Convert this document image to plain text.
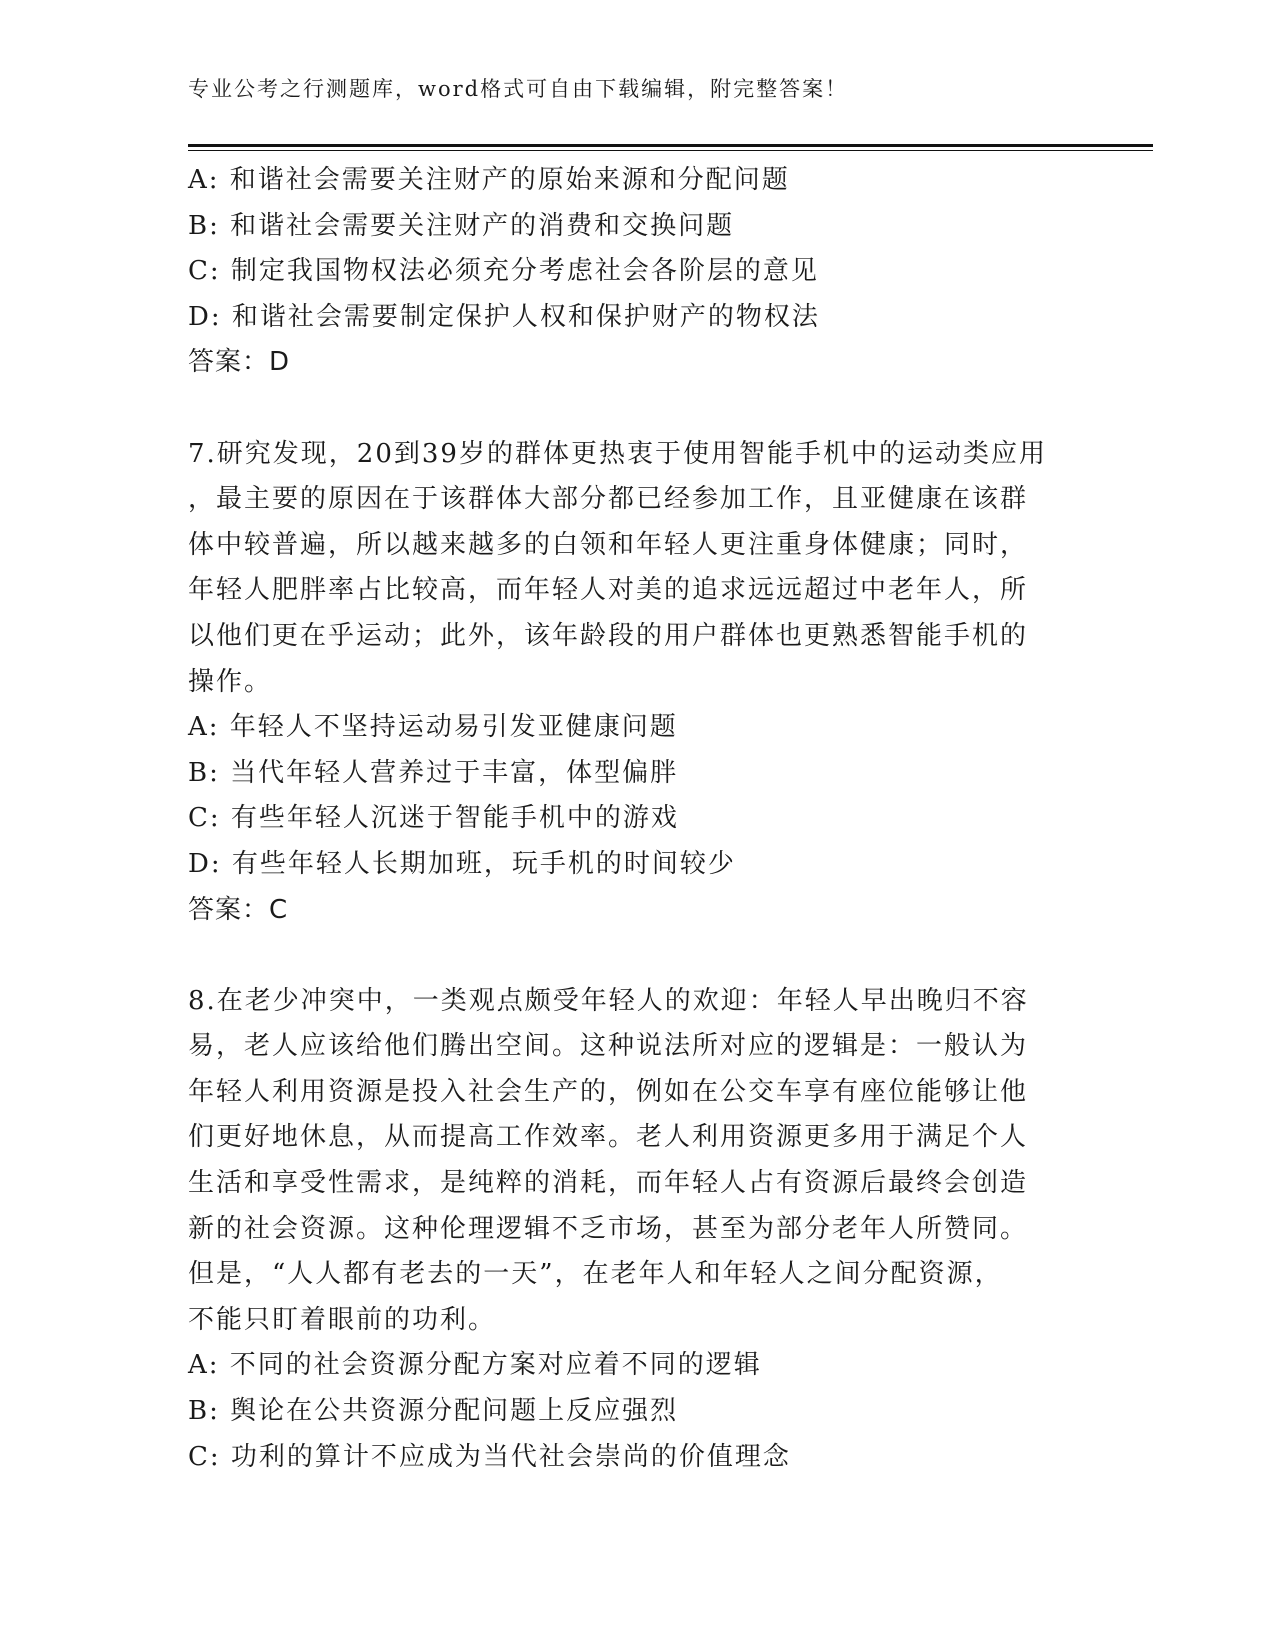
专业公考之行测题库，word格式可自由下载编辑，附完整答案！
A: 和谐社会需要关注财产的原始来源和分配问题
B: 和谐社会需要关注财产的消费和交换问题
C: 制定我国物权法必须充分考虑社会各阶层的意见
D: 和谐社会需要制定保护人权和保护财产的物权法
答案：D
7.研究发现，20到39岁的群体更热衷于使用智能手机中的运动类应用
，最主要的原因在于该群体大部分都已经参加工作，且亚健康在该群
体中较普遍，所以越来越多的白领和年轻人更注重身体健康；同时，
年轻人肥胖率占比较高，而年轻人对美的追求远远超过中老年人，所
以他们更在乎运动；此外，该年龄段的用户群体也更熟悉智能手机的
操作。
A: 年轻人不坚持运动易引发亚健康问题
B: 当代年轻人营养过于丰富，体型偏胖
C: 有些年轻人沉迷于智能手机中的游戏
D: 有些年轻人长期加班，玩手机的时间较少
答案：C
8.在老少冲突中，一类观点颇受年轻人的欢迎：年轻人早出晚归不容
易，老人应该给他们腾出空间。这种说法所对应的逻辑是：一般认为
年轻人利用资源是投入社会生产的，例如在公交车享有座位能够让他
们更好地休息，从而提高工作效率。老人利用资源更多用于满足个人
生活和享受性需求，是纯粹的消耗，而年轻人占有资源后最终会创造
新的社会资源。这种伦理逻辑不乏市场，甚至为部分老年人所赞同。
但是，“人人都有老去的一天”，在老年人和年轻人之间分配资源，
不能只盯着眼前的功利。
A: 不同的社会资源分配方案对应着不同的逻辑
B: 舆论在公共资源分配问题上反应强烈
C: 功利的算计不应成为当代社会崇尚的价值理念
